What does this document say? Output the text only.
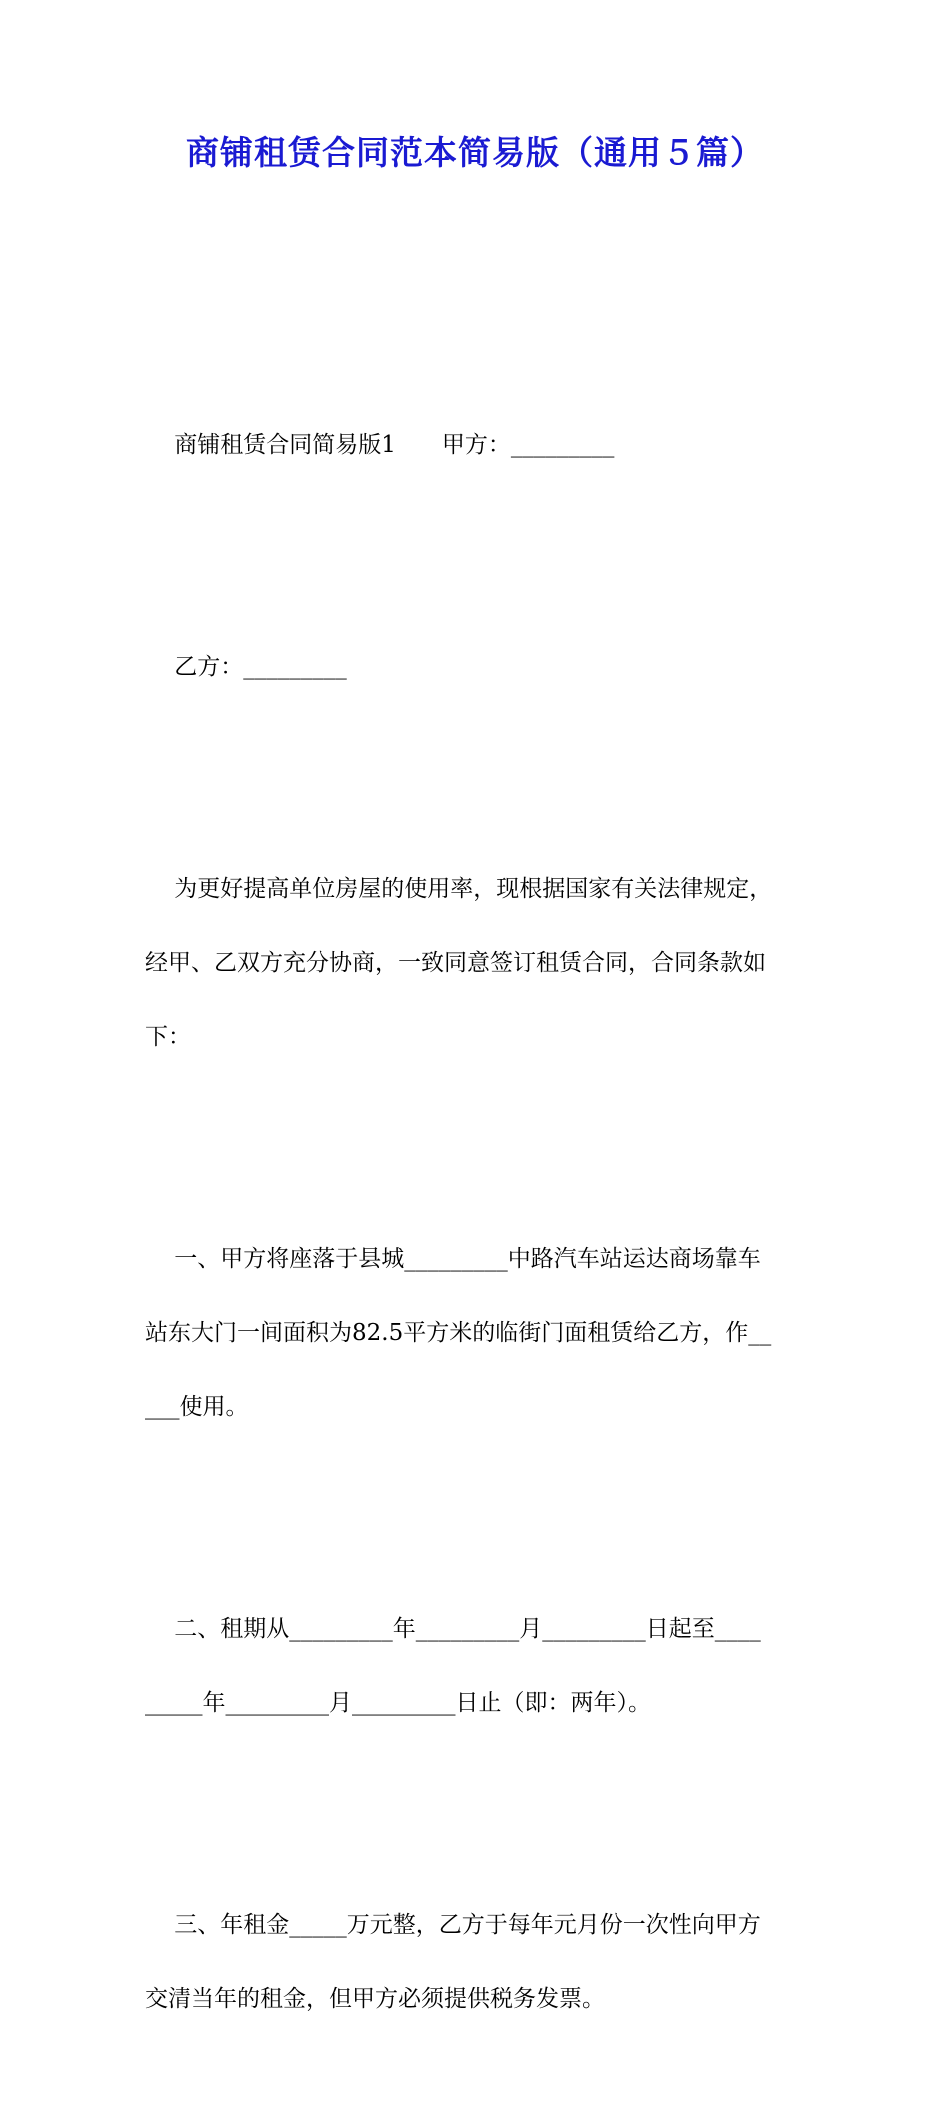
商铺租赁合同范本简易版（通用５篇）

商铺租赁合同简易版1　　甲方：_________

乙方：_________

为更好提高单位房屋的使用率，现根据国家有关法律规定，
经甲、乙双方充分协商，一致同意签订租赁合同，合同条款如
下：

一、甲方将座落于县城_________中路汽车站运达商场靠车
站东大门一间面积为82.5平方米的临街门面租赁给乙方，作__
___使用。

二、租期从_________年_________月_________日起至____
_____年_________月_________日止（即：两年）。

三、年租金_____万元整，乙方于每年元月份一次性向甲方
交清当年的租金，但甲方必须提供税务发票。
